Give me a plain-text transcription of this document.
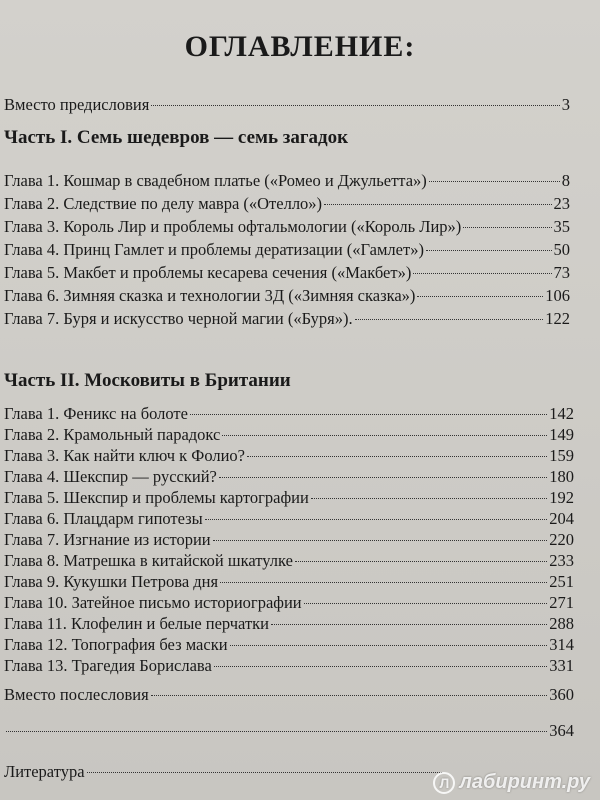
ОГЛАВЛЕНИЕ:
Вместо предисловия	3
Часть I. Семь шедевров — семь загадок
Глава 1. Кошмар в свадебном платье («Ромео и Джульетта»)	8
Глава 2. Следствие по делу мавра («Отелло»)	23
Глава 3. Король Лир и проблемы офтальмологии («Король Лир»)	35
Глава 4. Принц Гамлет и проблемы дератизации («Гамлет»)	50
Глава 5. Макбет и проблемы кесарева сечения («Макбет»)	73
Глава 6. Зимняя сказка и технологии 3Д («Зимняя сказка»)	106
Глава 7. Буря и искусство черной магии («Буря»).	122
Часть II. Московиты в Британии
Глава 1. Феникс на болоте	142
Глава 2. Крамольный парадокс	149
Глава 3. Как найти ключ к Фолио?	159
Глава 4. Шекспир — русский?	180
Глава 5. Шекспир и проблемы картографии	192
Глава 6. Плацдарм гипотезы	204
Глава 7. Изгнание из истории	220
Глава 8. Матрешка в китайской шкатулке	233
Глава 9. Кукушки Петрова дня	251
Глава 10. Затейное письмо историографии	271
Глава 11. Клофелин и белые перчатки	288
Глава 12. Топография без маски	314
Глава 13. Трагедия Борислава	331
Вместо послесловия	360
364
Литература
Л лабиринт.ру
